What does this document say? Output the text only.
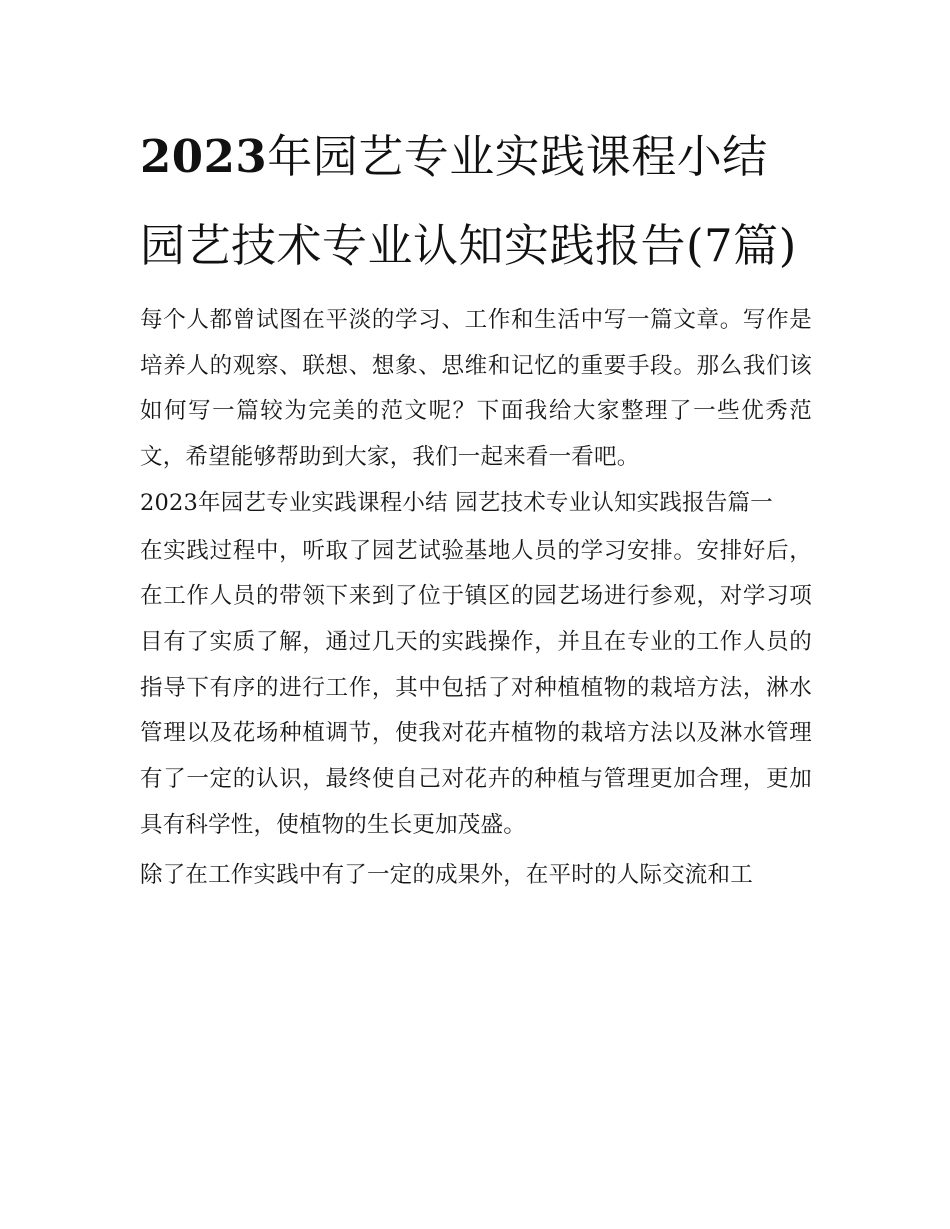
2023年园艺专业实践课程小结园艺技术专业认知实践报告(7篇)

每个人都曾试图在平淡的学习、工作和生活中写一篇文章。写作是培养人的观察、联想、想象、思维和记忆的重要手段。那么我们该如何写一篇较为完美的范文呢？下面我给大家整理了一些优秀范文，希望能够帮助到大家，我们一起来看一看吧。

2023年园艺专业实践课程小结 园艺技术专业认知实践报告篇一

在实践过程中，听取了园艺试验基地人员的学习安排。安排好后，在工作人员的带领下来到了位于镇区的园艺场进行参观，对学习项目有了实质了解，通过几天的实践操作，并且在专业的工作人员的指导下有序的进行工作，其中包括了对种植植物的栽培方法，淋水管理以及花场种植调节，使我对花卉植物的栽培方法以及淋水管理有了一定的认识，最终使自己对花卉的种植与管理更加合理，更加具有科学性，使植物的生长更加茂盛。

除了在工作实践中有了一定的成果外，在平时的人际交流和工
